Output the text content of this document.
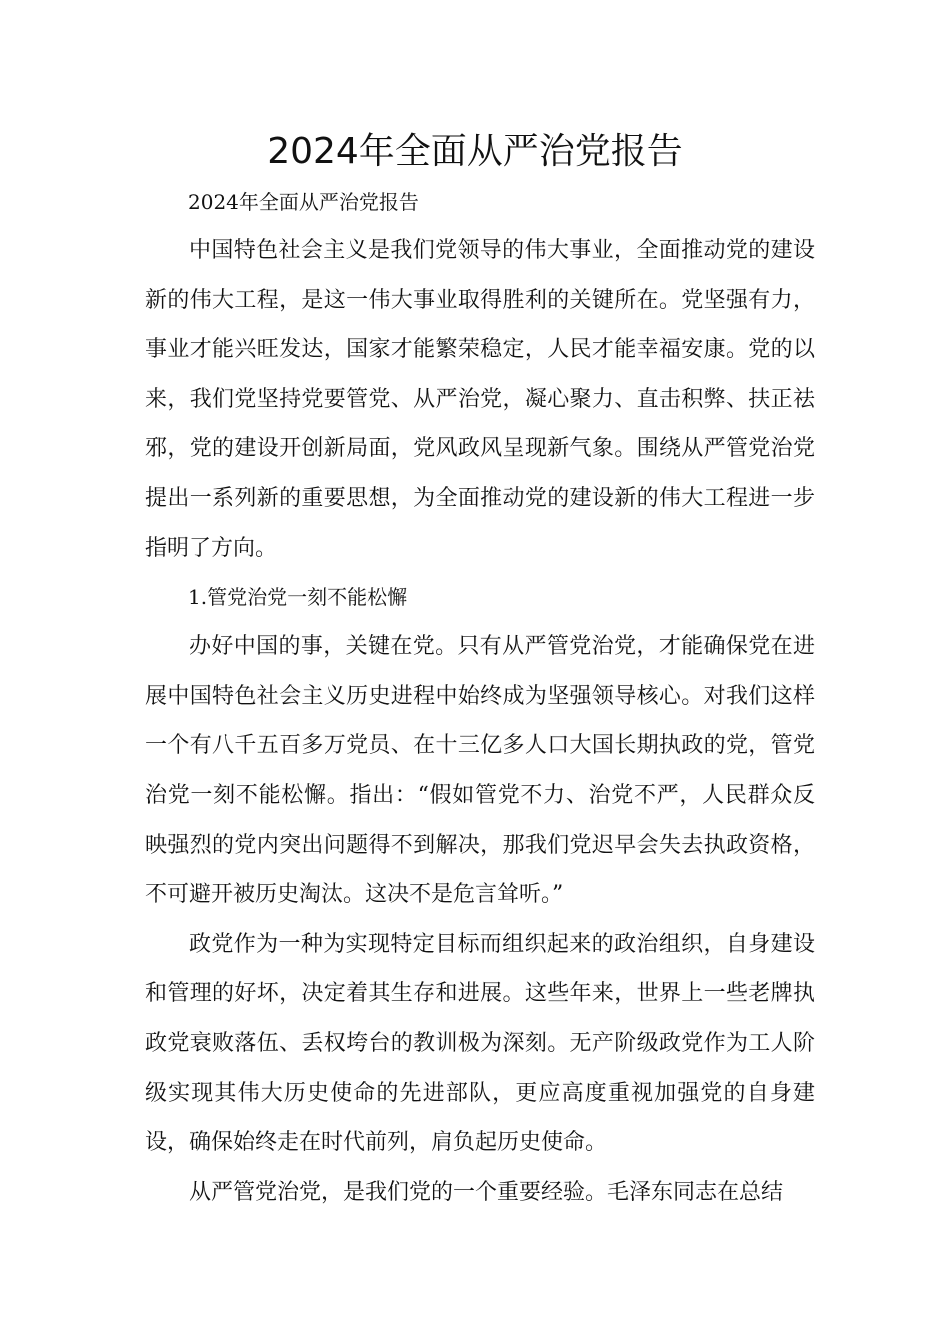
2024年全面从严治党报告

2024年全面从严治党报告

中国特色社会主义是我们党领导的伟大事业，全面推动党的建设新的伟大工程，是这一伟大事业取得胜利的关键所在。党坚强有力，事业才能兴旺发达，国家才能繁荣稳定，人民才能幸福安康。党的以来，我们党坚持党要管党、从严治党，凝心聚力、直击积弊、扶正祛邪，党的建设开创新局面，党风政风呈现新气象。围绕从严管党治党提出一系列新的重要思想，为全面推动党的建设新的伟大工程进一步指明了方向。

1.管党治党一刻不能松懈

办好中国的事，关键在党。只有从严管党治党，才能确保党在进展中国特色社会主义历史进程中始终成为坚强领导核心。对我们这样一个有八千五百多万党员、在十三亿多人口大国长期执政的党，管党治党一刻不能松懈。指出：“假如管党不力、治党不严，人民群众反映强烈的党内突出问题得不到解决，那我们党迟早会失去执政资格，不可避开被历史淘汰。这决不是危言耸听。”

政党作为一种为实现特定目标而组织起来的政治组织，自身建设和管理的好坏，决定着其生存和进展。这些年来，世界上一些老牌执政党衰败落伍、丢权垮台的教训极为深刻。无产阶级政党作为工人阶级实现其伟大历史使命的先进部队，更应高度重视加强党的自身建设，确保始终走在时代前列，肩负起历史使命。

从严管党治党，是我们党的一个重要经验。毛泽东同志在总结
